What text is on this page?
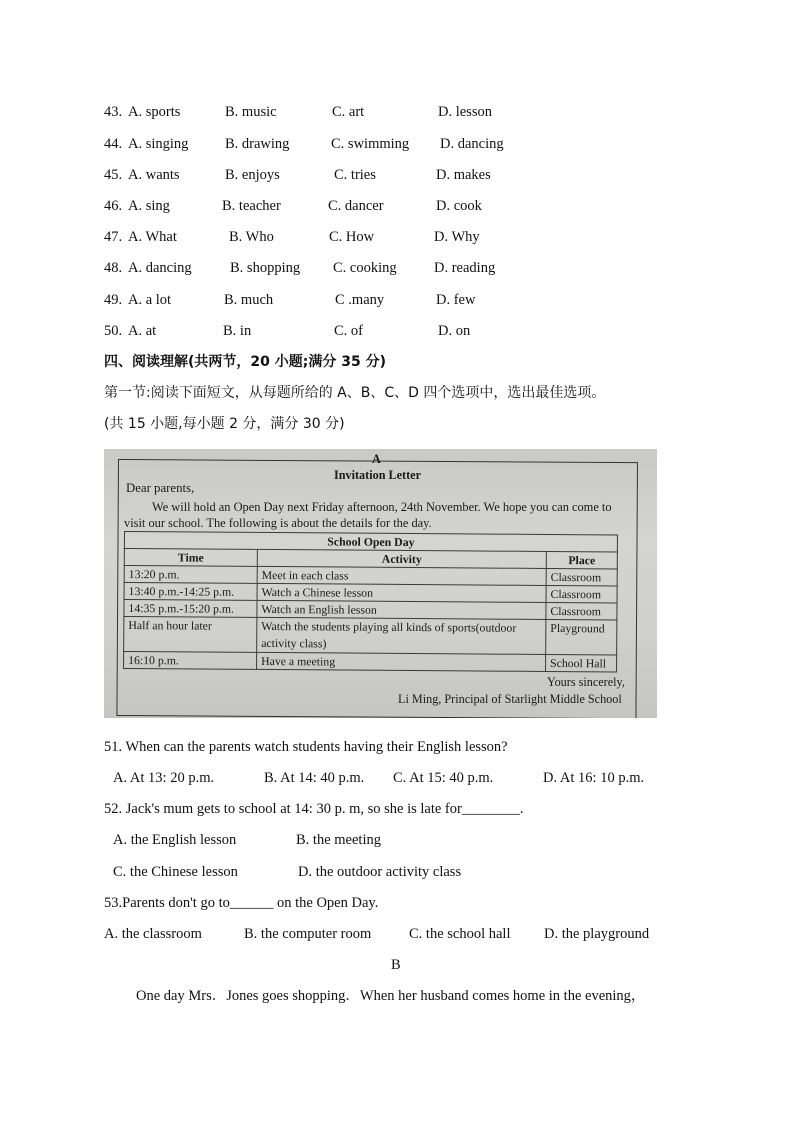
43. A. sports	B. music	C. art	D. lesson
44. A. singing	B. drawing	C. swimming D. dancing
45. A. wants	B. enjoys	C. tries	D. makes
46. A. sing	B. teacher	C. dancer	D. cook
47. A. What	B. Who	C. How	D. Why
48. A. dancing	B. shopping C. cooking	D. reading
49. A. a lot	B. much	C .many	D. few
50. A. at	B. in	C. of	D. on
四、阅读理解(共两节，20 小题;满分 35 分)
第一节:阅读下面短文，从每题所给的 A、B、C、D 四个选项中，选出最佳选项。
(共 15 小题,每小题 2 分，满分 30 分)
A
Invitation Letter
Dear parents,
We will hold an Open Day next Friday afternoon, 24th November. We hope you can come to
visit our school. The following is about the details for the day.
School Open Day		
Time	Activity	Place
13:20 p.m.	Meet in each class	Classroom
13:40 p.m.-14:25 p.m.	Watch a Chinese lesson	Classroom
14:35 p.m.-15:20 p.m.	Watch an English lesson	Classroom
Half an hour later	Watch the students playing all kinds of sports(outdoor activity class)	Playground
16:10 p.m.	Have a meeting	School Hall
Yours sincerely,
Li Ming, Principal of Starlight Middle School
51. When can the parents watch students having their English lesson?
A. At 13: 20 p.m.	B. At 14: 40 p.m. C. At 15: 40 p.m.	D. At 16: 10 p.m.
52. Jack's mum gets to school at 14: 30 p. m, so she is late for________.
A. the English lesson	B. the meeting
C. the Chinese lesson	D. the outdoor activity class
53.Parents don't go to______ on the Open Day.
A. the classroom	B. the computer room	C. the school hall D. the playground
B
One day Mrs．Jones goes shopping．When her husband comes home in the evening，
